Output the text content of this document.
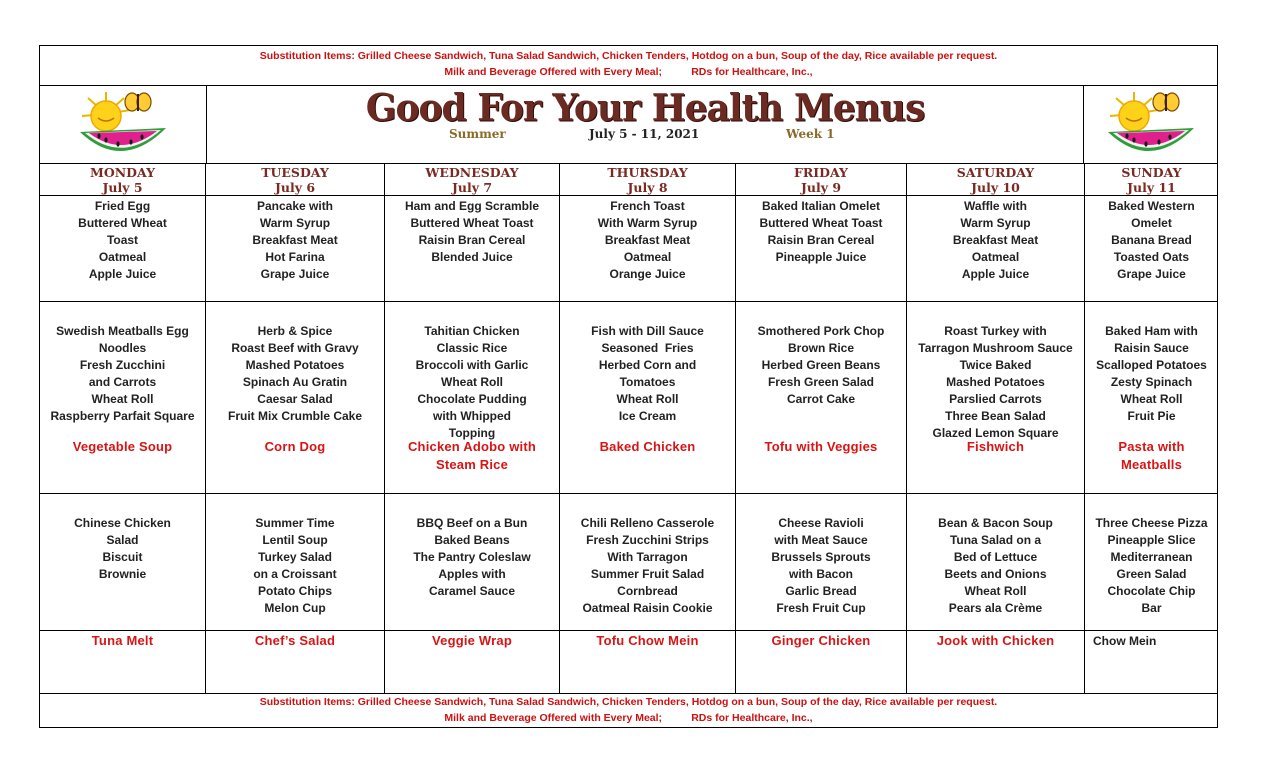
Substitution Items: Grilled Cheese Sandwich, Tuna Salad Sandwich, Chicken Tenders, Hotdog on a bun, Soup of the day, Rice available per request.
Milk and Beverage Offered with Every Meal;          RDs for Healthcare, Inc.,
Good For Your Health Menus
Summer	July 5 - 11, 2021	Week 1
MONDAY
July 5
Fried Egg
Buttered Wheat
Toast
Oatmeal
Apple Juice
Swedish Meatballs Egg
Noodles
Fresh Zucchini
and Carrots
Wheat Roll
Raspberry Parfait Square
Vegetable Soup
Chinese Chicken
Salad
Biscuit
Brownie
Tuna Melt
TUESDAY
July 6
Pancake with
Warm Syrup
Breakfast Meat
Hot Farina
Grape Juice
Herb & Spice
Roast Beef with Gravy
Mashed Potatoes
Spinach Au Gratin
Caesar Salad
Fruit Mix Crumble Cake
Corn Dog
Summer Time
Lentil Soup
Turkey Salad
on a Croissant
Potato Chips
Melon Cup
Chef’s Salad
WEDNESDAY
July 7
Ham and Egg Scramble
Buttered Wheat Toast
Raisin Bran Cereal
Blended Juice
Tahitian Chicken
Classic Rice
Broccoli with Garlic
Wheat Roll
Chocolate Pudding
with Whipped
Topping
Chicken Adobo with Steam Rice
BBQ Beef on a Bun
Baked Beans
The Pantry Coleslaw
Apples with
Caramel Sauce
Veggie Wrap
THURSDAY
July 8
French Toast
With Warm Syrup
Breakfast Meat
Oatmeal
Orange Juice
Fish with Dill Sauce
Seasoned  Fries
Herbed Corn and
Tomatoes
Wheat Roll
Ice Cream
Baked Chicken
Chili Relleno Casserole
Fresh Zucchini Strips
With Tarragon
Summer Fruit Salad
Cornbread
Oatmeal Raisin Cookie
Tofu Chow Mein
FRIDAY
July 9
Baked Italian Omelet
Buttered Wheat Toast
Raisin Bran Cereal
Pineapple Juice
Smothered Pork Chop
Brown Rice
Herbed Green Beans
Fresh Green Salad
Carrot Cake
Tofu with Veggies
Cheese Ravioli
with Meat Sauce
Brussels Sprouts
with Bacon
Garlic Bread
Fresh Fruit Cup
Ginger Chicken
SATURDAY
July 10
Waffle with
Warm Syrup
Breakfast Meat
Oatmeal
Apple Juice
Roast Turkey with
Tarragon Mushroom Sauce
Twice Baked
Mashed Potatoes
Parslied Carrots
Three Bean Salad
Glazed Lemon Square
Fishwich
Bean & Bacon Soup
Tuna Salad on a
Bed of Lettuce
Beets and Onions
Wheat Roll
Pears ala Crème
Jook with Chicken
SUNDAY
July 11
Baked Western
Omelet
Banana Bread
Toasted Oats
Grape Juice
Baked Ham with
Raisin Sauce
Scalloped Potatoes
Zesty Spinach
Wheat Roll
Fruit Pie
Pasta with Meatballs
Three Cheese Pizza
Pineapple Slice
Mediterranean
Green Salad
Chocolate Chip
Bar
Chow Mein
Substitution Items: Grilled Cheese Sandwich, Tuna Salad Sandwich, Chicken Tenders, Hotdog on a bun, Soup of the day, Rice available per request.
Milk and Beverage Offered with Every Meal;          RDs for Healthcare, Inc.,
